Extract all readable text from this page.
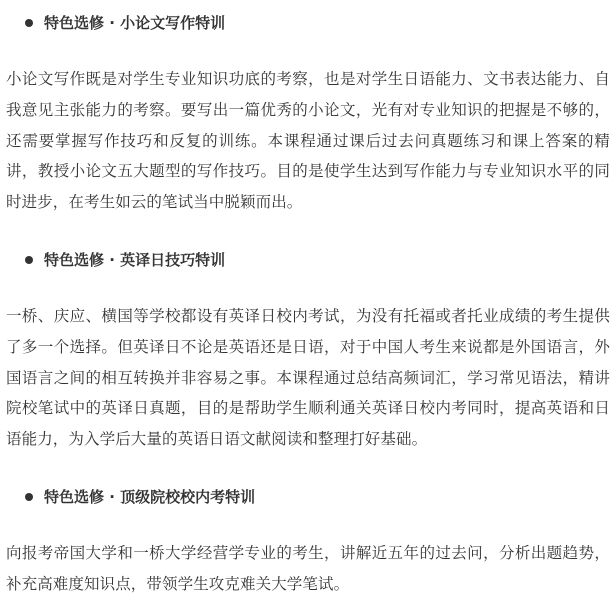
特色选修 · 小论文写作特训

小论文写作既是对学生专业知识功底的考察，也是对学生日语能力、文书表达能力、自我意见主张能力的考察。要写出一篇优秀的小论文，光有对专业知识的把握是不够的，还需要掌握写作技巧和反复的训练。本课程通过课后过去问真题练习和课上答案的精讲，教授小论文五大题型的写作技巧。目的是使学生达到写作能力与专业知识水平的同时进步，在考生如云的笔试当中脱颖而出。

特色选修 · 英译日技巧特训

一桥、庆应、横国等学校都设有英译日校内考试，为没有托福或者托业成绩的考生提供了多一个选择。但英译日不论是英语还是日语，对于中国人考生来说都是外国语言，外国语言之间的相互转换并非容易之事。本课程通过总结高频词汇，学习常见语法，精讲院校笔试中的英译日真题，目的是帮助学生顺利通关英译日校内考同时，提高英语和日语能力，为入学后大量的英语日语文献阅读和整理打好基础。

特色选修 · 顶级院校校内考特训

向报考帝国大学和一桥大学经营学专业的考生，讲解近五年的过去问，分析出题趋势，补充高难度知识点，带领学生攻克难关大学笔试。
